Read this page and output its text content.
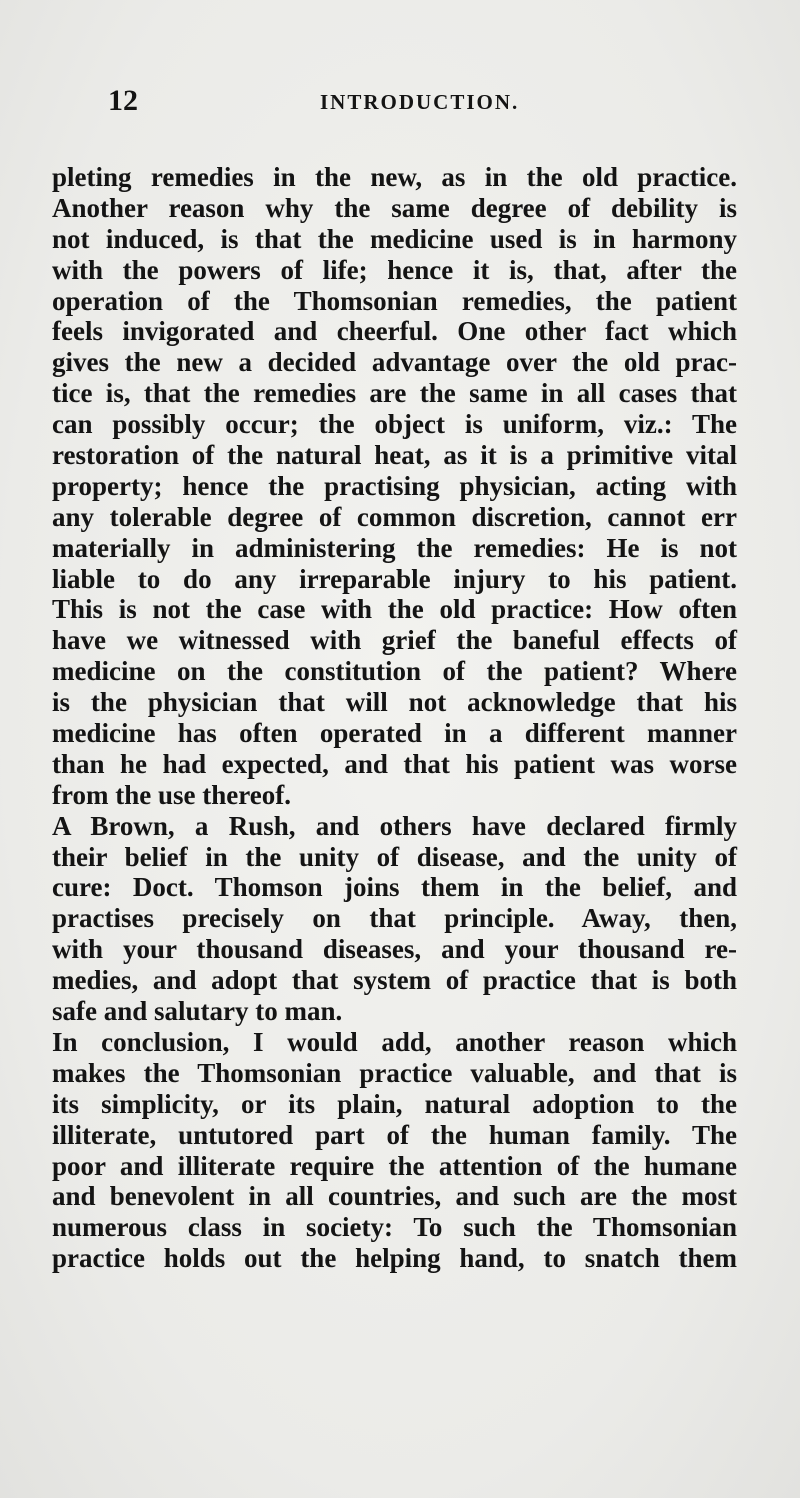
12	INTRODUCTION.
pleting remedies in the new, as in the old practice.
Another reason why the same degree of debility is
not induced, is that the medicine used is in harmony
with the powers of life; hence it is, that, after the
operation of the Thomsonian remedies, the patient
feels invigorated and cheerful. One other fact which
gives the new a decided advantage over the old prac-
tice is, that the remedies are the same in all cases that
can possibly occur; the object is uniform, viz.: The
restoration of the natural heat, as it is a primitive vital
property; hence the practising physician, acting with
any tolerable degree of common discretion, cannot err
materially in administering the remedies: He is not
liable to do any irreparable injury to his patient.
This is not the case with the old practice: How often
have we witnessed with grief the baneful effects of
medicine on the constitution of the patient? Where
is the physician that will not acknowledge that his
medicine has often operated in a different manner
than he had expected, and that his patient was worse
from the use thereof.
A Brown, a Rush, and others have declared firmly
their belief in the unity of disease, and the unity of
cure: Doct. Thomson joins them in the belief, and
practises precisely on that principle. Away, then,
with your thousand diseases, and your thousand re-
medies, and adopt that system of practice that is both
safe and salutary to man.
In conclusion, I would add, another reason which
makes the Thomsonian practice valuable, and that is
its simplicity, or its plain, natural adoption to the
illiterate, untutored part of the human family. The
poor and illiterate require the attention of the humane
and benevolent in all countries, and such are the most
numerous class in society: To such the Thomsonian
practice holds out the helping hand, to snatch them
